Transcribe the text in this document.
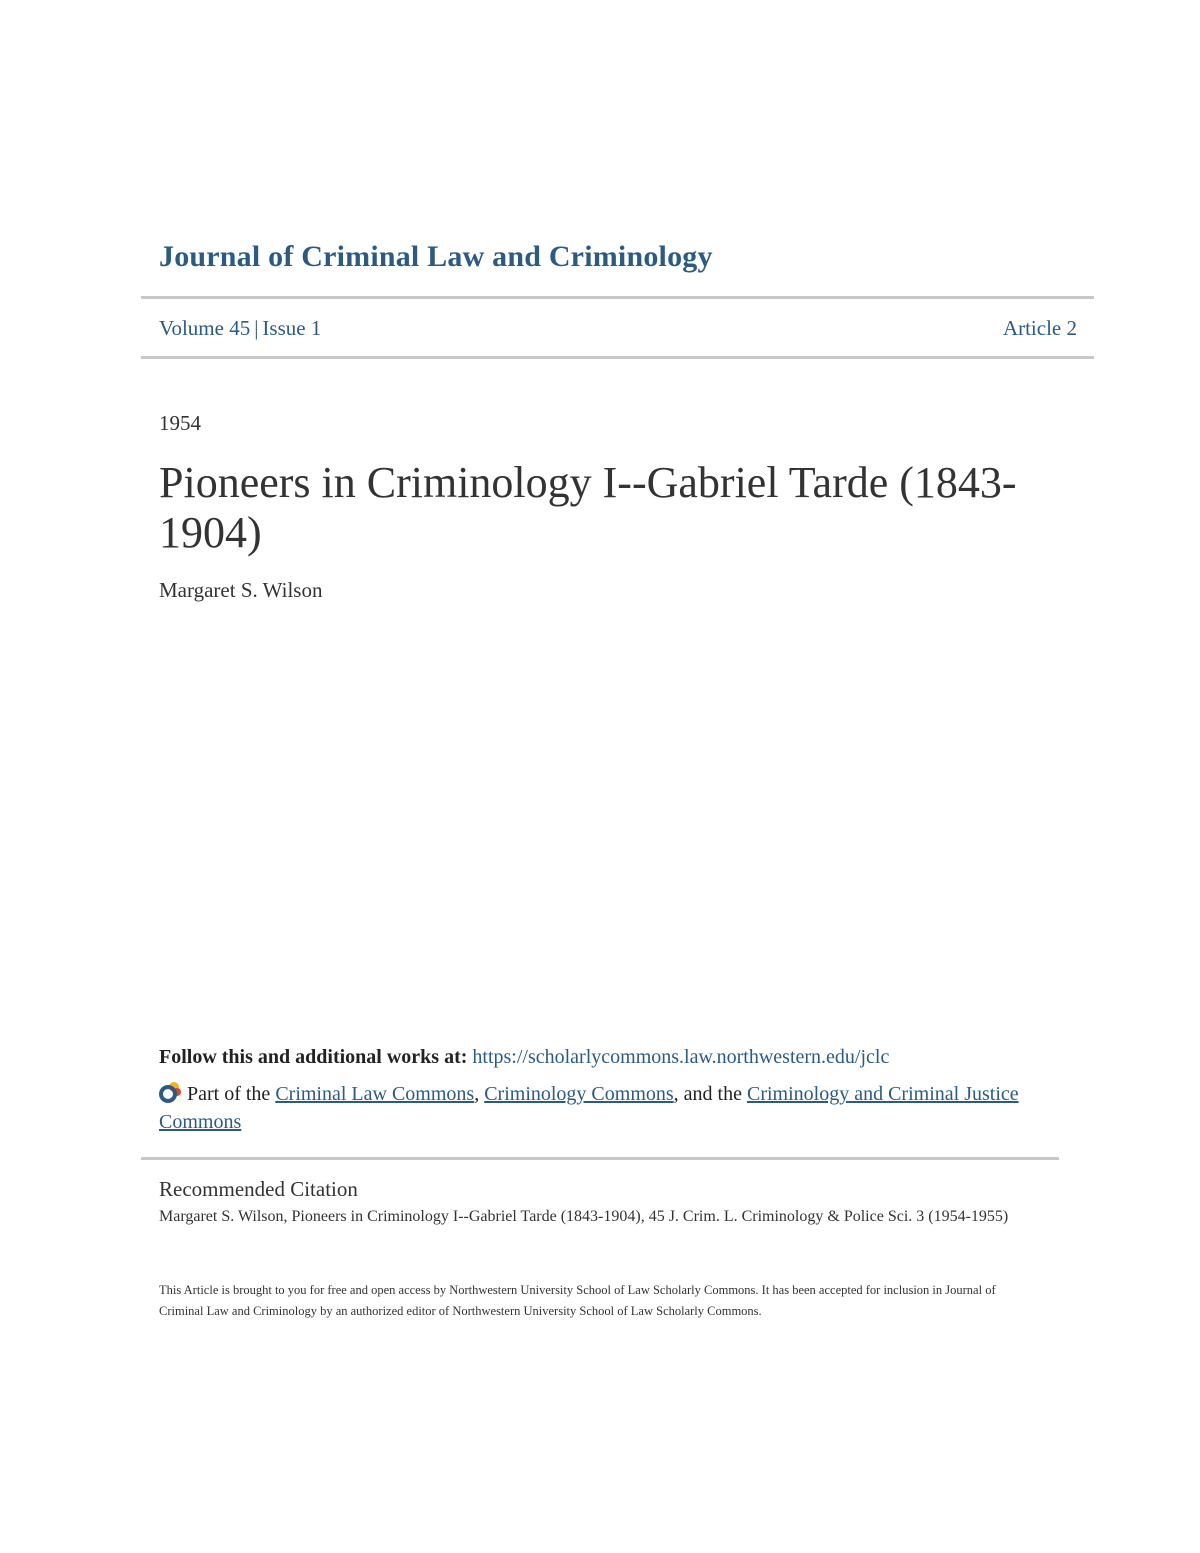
Journal of Criminal Law and Criminology
Volume 45 | Issue 1	Article 2
1954
Pioneers in Criminology I--Gabriel Tarde (1843-1904)
Margaret S. Wilson
Follow this and additional works at: https://scholarlycommons.law.northwestern.edu/jclc
Part of the Criminal Law Commons, Criminology Commons, and the Criminology and Criminal Justice Commons
Recommended Citation
Margaret S. Wilson, Pioneers in Criminology I--Gabriel Tarde (1843-1904), 45 J. Crim. L. Criminology & Police Sci. 3 (1954-1955)
This Article is brought to you for free and open access by Northwestern University School of Law Scholarly Commons. It has been accepted for inclusion in Journal of Criminal Law and Criminology by an authorized editor of Northwestern University School of Law Scholarly Commons.
